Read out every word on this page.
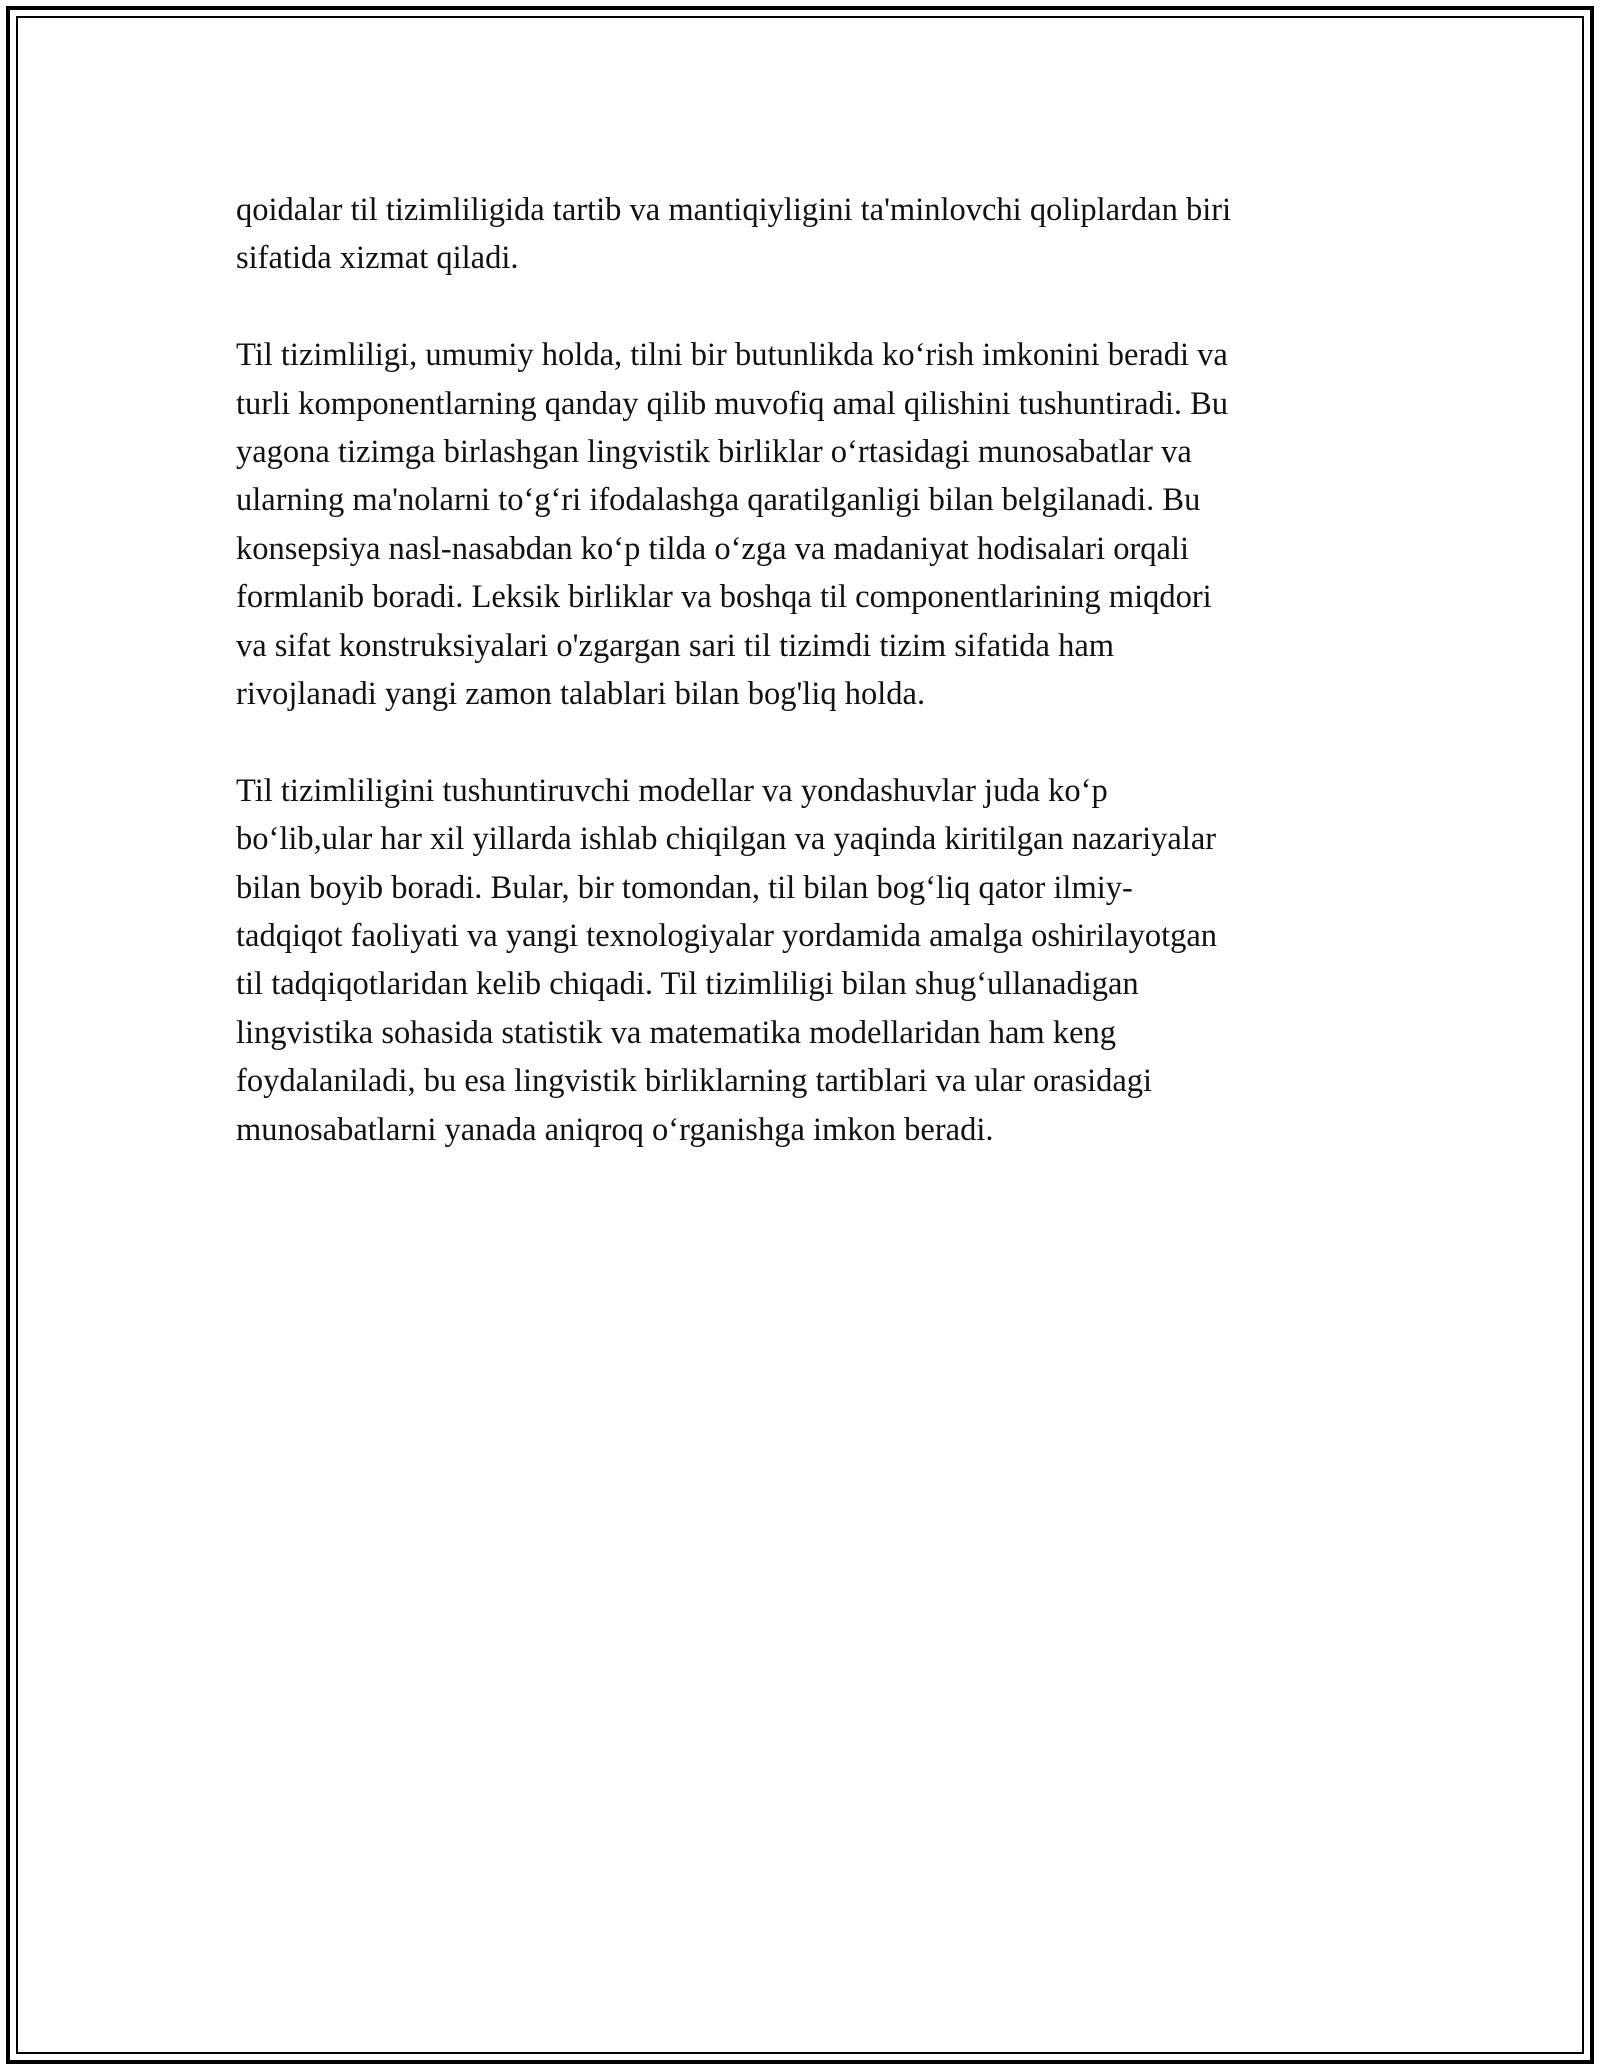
qoidalar til tizimliligida tartib va mantiqiyligini ta'minlovchi qoliplardan biri
sifatida xizmat qiladi.

Til tizimliligi, umumiy holda, tilni bir butunlikda ko‘rish imkonini beradi va
turli komponentlarning qanday qilib muvofiq amal qilishini tushuntiradi. Bu
yagona tizimga birlashgan lingvistik birliklar o‘rtasidagi munosabatlar va
ularning ma'nolarni to‘g‘ri ifodalashga qaratilganligi bilan belgilanadi. Bu
konsepsiya nasl-nasabdan ko‘p tilda o‘zga va madaniyat hodisalari orqali
formlanib boradi. Leksik birliklar va boshqa til componentlarining miqdori
va sifat konstruksiyalari o'zgargan sari til tizimdi tizim sifatida ham
rivojlanadi yangi zamon talablari bilan bog'liq holda.

Til tizimliligini tushuntiruvchi modellar va yondashuvlar juda ko‘p
bo‘lib,ular har xil yillarda ishlab chiqilgan va yaqinda kiritilgan nazariyalar
bilan boyib boradi. Bular, bir tomondan, til bilan bog‘liq qator ilmiy-
tadqiqot faoliyati va yangi texnologiyalar yordamida amalga oshirilayotgan
til tadqiqotlaridan kelib chiqadi. Til tizimliligi bilan shug‘ullanadigan
lingvistika sohasida statistik va matematika modellaridan ham keng
foydalaniladi, bu esa lingvistik birliklarning tartiblari va ular orasidagi
munosabatlarni yanada aniqroq o‘rganishga imkon beradi.
